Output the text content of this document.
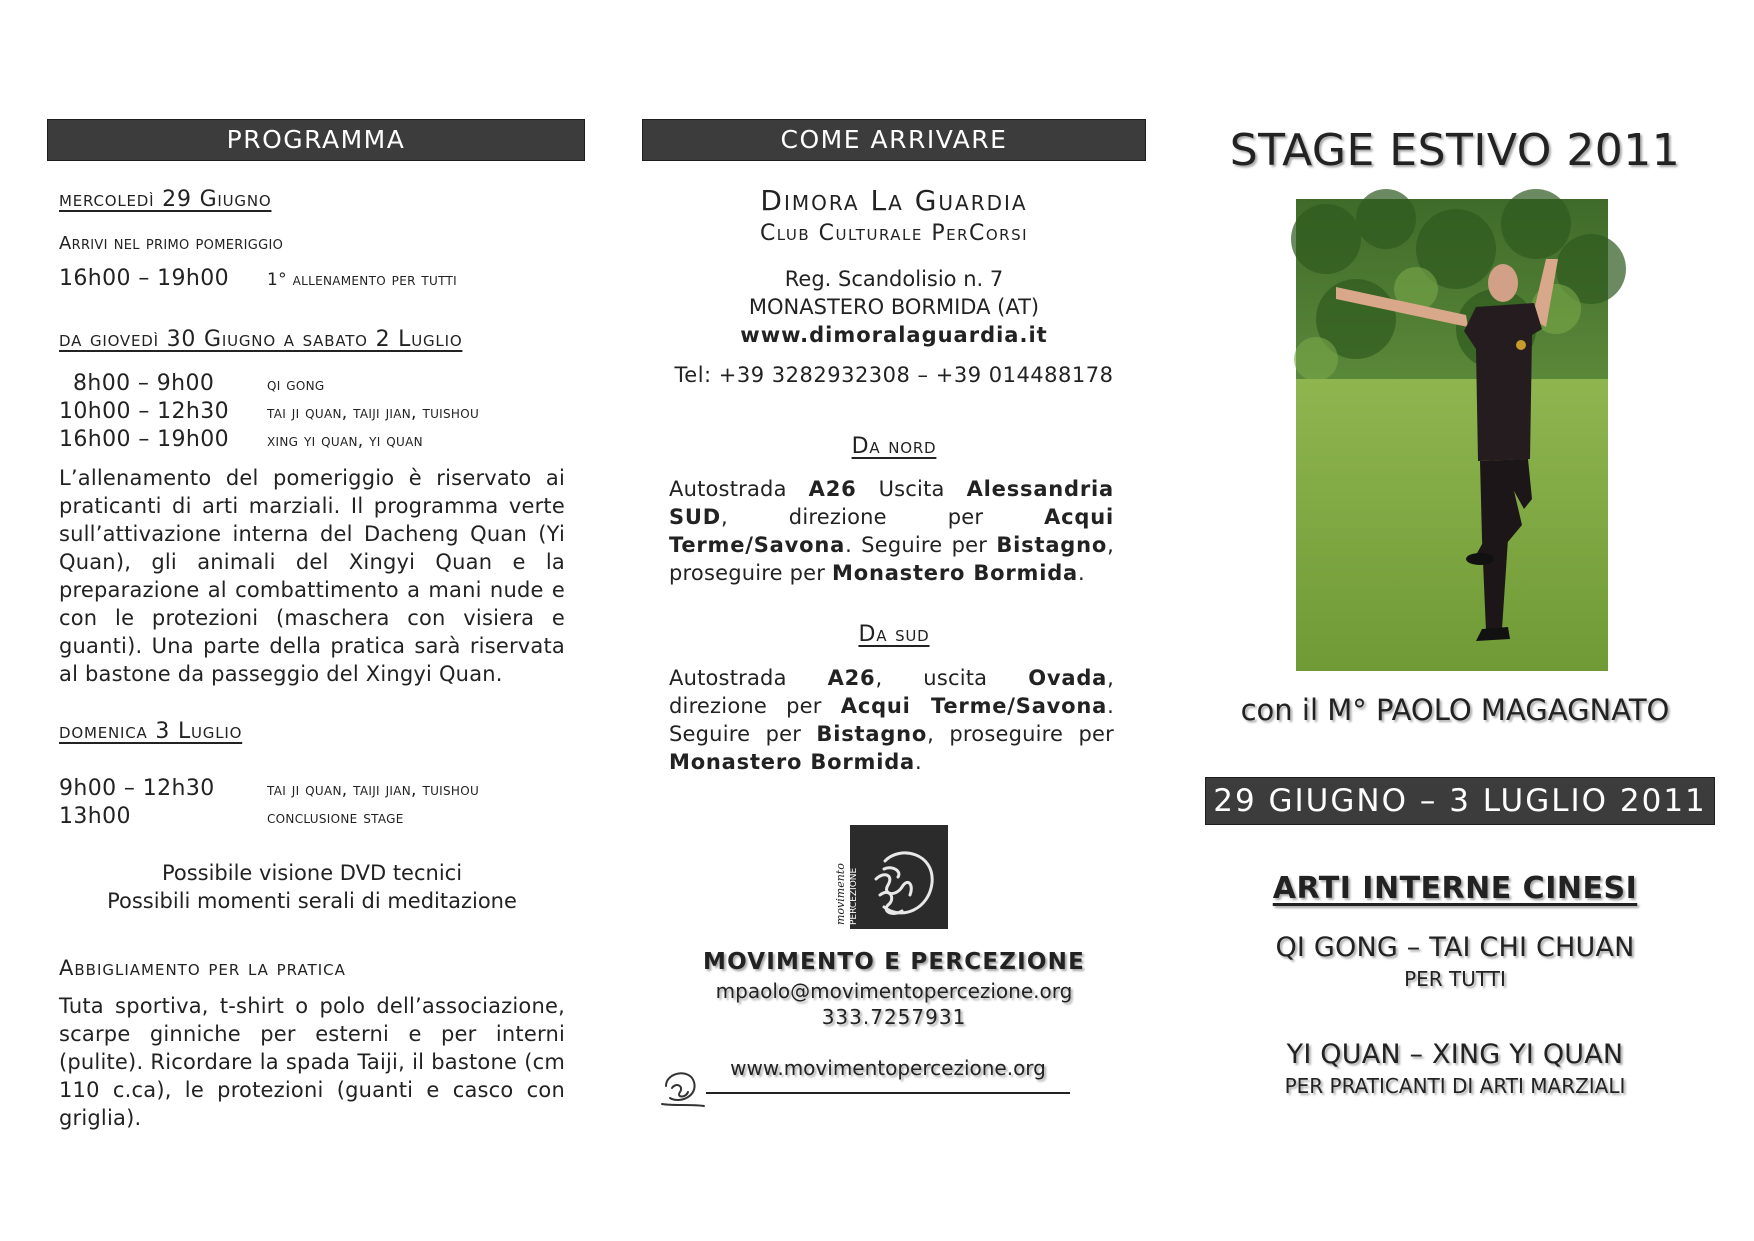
PROGRAMMA
mercoledì 29 Giugno
Arrivi nel primo pomeriggio
16h00 – 19h00	1° allenamento per tutti
da giovedì 30 Giugno a sabato 2 Luglio
8h00 – 9h00	qi gong
10h00 – 12h30	tai ji quan, taiji jian, tuishou
16h00 – 19h00	xing yi quan, yi quan
L’allenamento del pomeriggio è riservato ai praticanti di arti marziali. Il programma verte sull’attivazione interna del Dacheng Quan (Yi Quan), gli animali del Xingyi Quan e la preparazione al combattimento a mani nude e con le protezioni (maschera con visiera e guanti). Una parte della pratica sarà riservata al bastone da passeggio del Xingyi Quan.
domenica 3 Luglio
9h00 – 12h30	tai ji quan, taiji jian, tuishou
13h00	conclusione stage
Possibile visione DVD tecnici
Possibili momenti serali di meditazione
Abbigliamento per la pratica
Tuta sportiva, t-shirt o polo dell’associazione, scarpe ginniche per esterni e per interni (pulite). Ricordare la spada Taiji, il bastone (cm 110 c.ca), le protezioni (guanti e casco con griglia).
COME ARRIVARE
Dimora La Guardia
Club Culturale PerCorsi
Reg. Scandolisio n. 7
MONASTERO BORMIDA (AT)
www.dimoralaguardia.it
Tel: +39 3282932308 – +39 014488178
Da nord
Autostrada A26 Uscita Alessandria SUD, direzione per Acqui Terme/Savona. Seguire per Bistagno, proseguire per Monastero Bormida.
Da sud
Autostrada A26, uscita Ovada, direzione per Acqui Terme/Savona. Seguire per Bistagno, proseguire per Monastero Bormida.
movimento PERCEZIONE
MOVIMENTO E PERCEZIONE
mpaolo@movimentopercezione.org
333.7257931
www.movimentopercezione.org
STAGE ESTIVO 2011
con il M° PAOLO MAGAGNATO
29 GIUGNO – 3 LUGLIO 2011
ARTI INTERNE CINESI
QI GONG – TAI CHI CHUAN
PER TUTTI
YI QUAN – XING YI QUAN
PER PRATICANTI DI ARTI MARZIALI
